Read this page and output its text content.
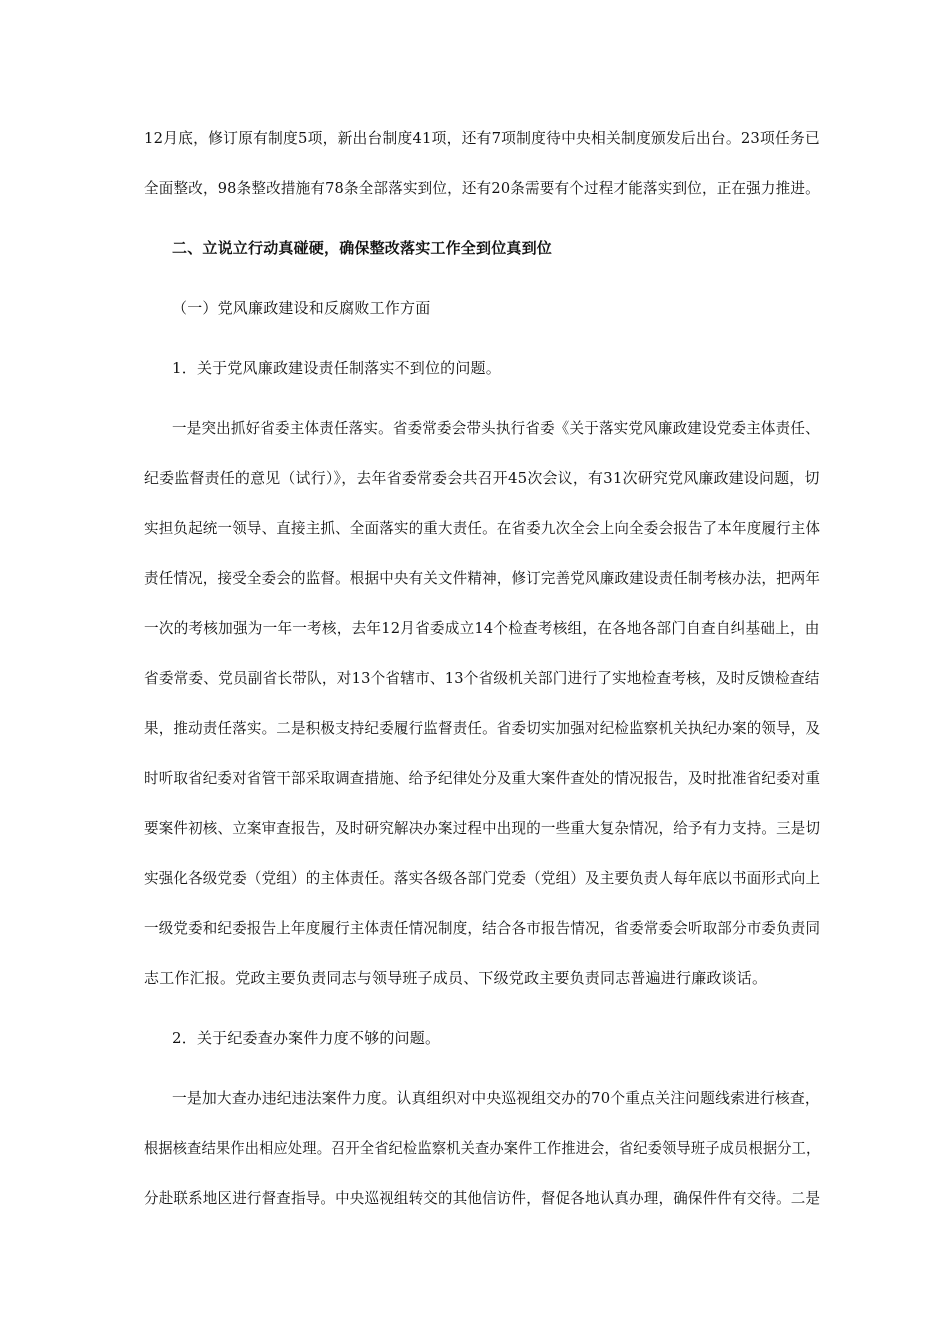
12月底，修订原有制度5项，新出台制度41项，还有7项制度待中央相关制度颁发后出台。23项任务已
全面整改，98条整改措施有78条全部落实到位，还有20条需要有个过程才能落实到位，正在强力推进。
二、立说立行动真碰硬，确保整改落实工作全到位真到位
（一）党风廉政建设和反腐败工作方面
1．关于党风廉政建设责任制落实不到位的问题。
一是突出抓好省委主体责任落实。省委常委会带头执行省委《关于落实党风廉政建设党委主体责任、
纪委监督责任的意见（试行）》，去年省委常委会共召开45次会议，有31次研究党风廉政建设问题，切
实担负起统一领导、直接主抓、全面落实的重大责任。在省委九次全会上向全委会报告了本年度履行主体
责任情况，接受全委会的监督。根据中央有关文件精神，修订完善党风廉政建设责任制考核办法，把两年
一次的考核加强为一年一考核，去年12月省委成立14个检查考核组，在各地各部门自查自纠基础上，由
省委常委、党员副省长带队，对13个省辖市、13个省级机关部门进行了实地检查考核，及时反馈检查结
果，推动责任落实。二是积极支持纪委履行监督责任。省委切实加强对纪检监察机关执纪办案的领导，及
时听取省纪委对省管干部采取调查措施、给予纪律处分及重大案件查处的情况报告，及时批准省纪委对重
要案件初核、立案审查报告，及时研究解决办案过程中出现的一些重大复杂情况，给予有力支持。三是切
实强化各级党委（党组）的主体责任。落实各级各部门党委（党组）及主要负责人每年底以书面形式向上
一级党委和纪委报告上年度履行主体责任情况制度，结合各市报告情况，省委常委会听取部分市委负责同
志工作汇报。党政主要负责同志与领导班子成员、下级党政主要负责同志普遍进行廉政谈话。
2．关于纪委查办案件力度不够的问题。
一是加大查办违纪违法案件力度。认真组织对中央巡视组交办的70个重点关注问题线索进行核查，
根据核查结果作出相应处理。召开全省纪检监察机关查办案件工作推进会，省纪委领导班子成员根据分工，
分赴联系地区进行督查指导。中央巡视组转交的其他信访件，督促各地认真办理，确保件件有交待。二是
